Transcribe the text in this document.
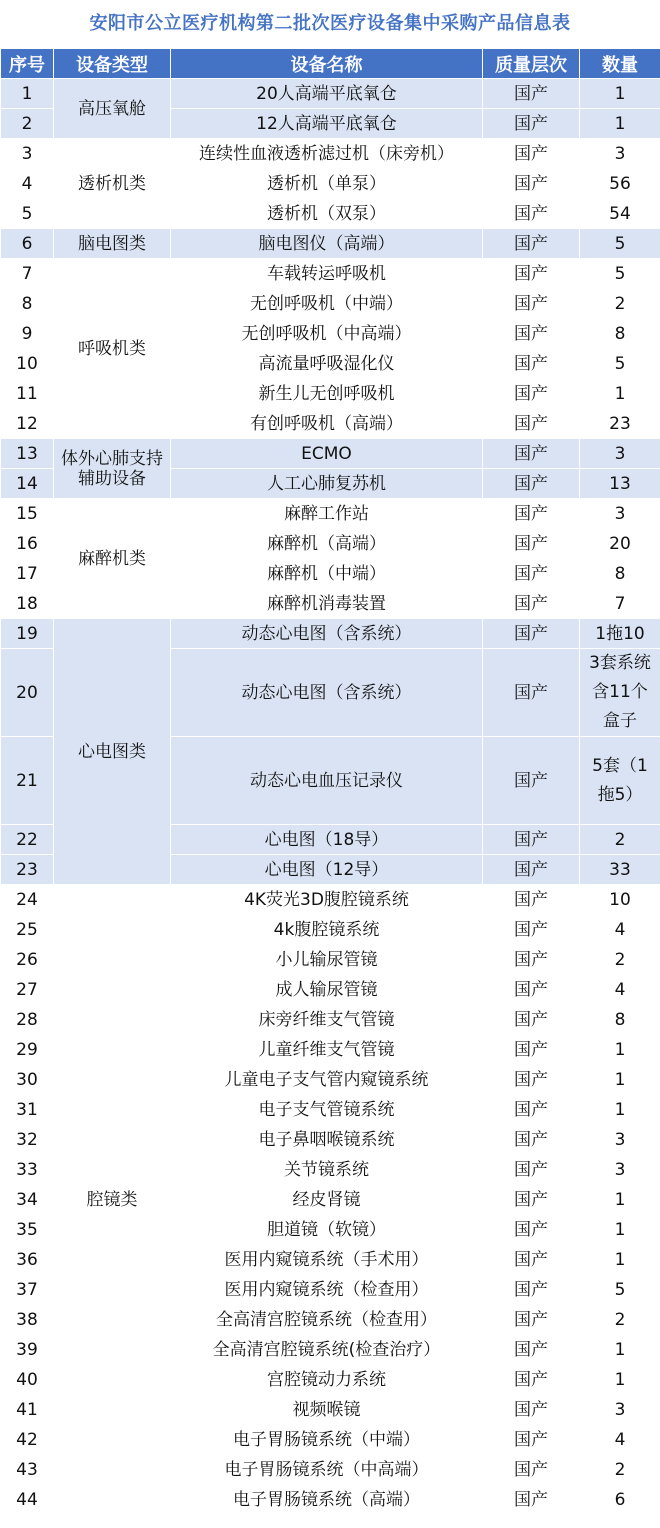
安阳市公立医疗机构第二批次医疗设备集中采购产品信息表
序号	设备类型	设备名称	质量层次	数量
1	高压氧舱	20人高端平底氧仓	国产	1
2		12人高端平底氧仓	国产	1
3	透析机类	连续性血液透析滤过机（床旁机）	国产	3
4		透析机（单泵）	国产	56
5		透析机（双泵）	国产	54
6	脑电图类	脑电图仪（高端）	国产	5
7	呼吸机类	车载转运呼吸机	国产	5
8		无创呼吸机（中端）	国产	2
9		无创呼吸机（中高端）	国产	8
10		高流量呼吸湿化仪	国产	5
11		新生儿无创呼吸机	国产	1
12		有创呼吸机（高端）	国产	23
13	体外心肺支持辅助设备	ECMO	国产	3
14		人工心肺复苏机	国产	13
15	麻醉机类	麻醉工作站	国产	3
16		麻醉机（高端）	国产	20
17		麻醉机（中端）	国产	8
18		麻醉机消毒装置	国产	7
19	心电图类	动态心电图（含系统）	国产	1拖10
20		动态心电图（含系统）	国产	3套系统含11个盒子
21		动态心电血压记录仪	国产	5套（1拖5）
22		心电图（18导）	国产	2
23		心电图（12导）	国产	33
24	腔镜类	4K荧光3D腹腔镜系统	国产	10
25		4k腹腔镜系统	国产	4
26		小儿输尿管镜	国产	2
27		成人输尿管镜	国产	4
28		床旁纤维支气管镜	国产	8
29		儿童纤维支气管镜	国产	1
30		儿童电子支气管内窥镜系统	国产	1
31		电子支气管镜系统	国产	1
32		电子鼻咽喉镜系统	国产	3
33		关节镜系统	国产	3
34		经皮肾镜	国产	1
35		胆道镜（软镜）	国产	1
36		医用内窥镜系统（手术用）	国产	1
37		医用内窥镜系统（检查用）	国产	5
38		全高清宫腔镜系统（检查用）	国产	2
39		全高清宫腔镜系统(检查治疗）	国产	1
40		宫腔镜动力系统	国产	1
41		视频喉镜	国产	3
42		电子胃肠镜系统（中端）	国产	4
43		电子胃肠镜系统（中高端）	国产	2
44		电子胃肠镜系统（高端）	国产	6
